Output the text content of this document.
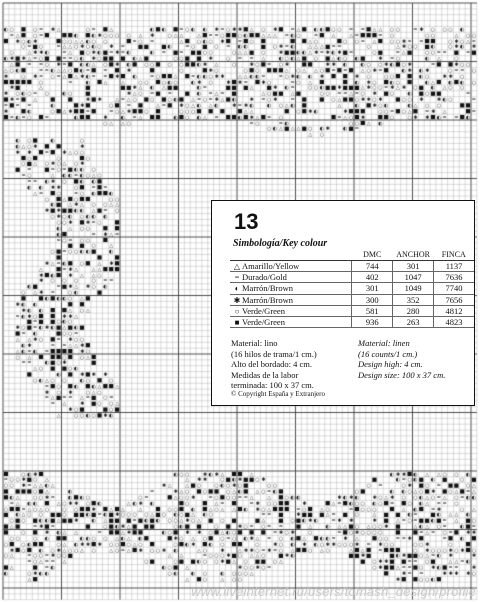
13
Simbología/Key colour
	DMC	ANCHOR	FINCA
△ Amarillo/Yellow	744	301	1137
= Durado/Gold	402	1047	7636
◐ Marrón/Brown	301	1049	7740
✱ Marrón/Brown	300	352	7656
○ Verde/Green	581	280	4812
■ Verde/Green	936	263	4823
Material: lino
(16 hilos de trama/1 cm.)
Alto del bordado: 4 cm.
Medidas de la labor
terminada: 100 x 37 cm.
Material: linen
(16 counts/1 cm.)
Design high: 4 cm.
Design size: 100 x 37 cm.
© Copyright España y Extranjero
www.liveinternet.ru/users/tomash_design/profile
